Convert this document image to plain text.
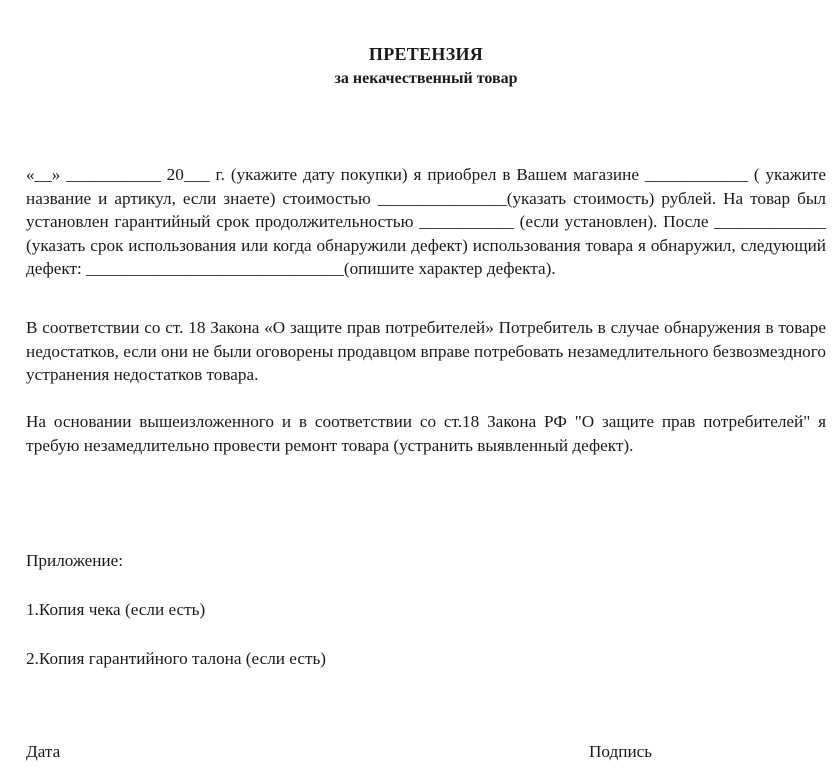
ПРЕТЕНЗИЯ

за некачественный товар

«__» ___________ 20___ г. (укажите дату покупки) я приобрел в Вашем магазине ____________ ( укажите название и артикул, если знаете) стоимостью _______________(указать стоимость) рублей. На товар был установлен гарантийный срок продолжительностью ___________ (если установлен). После _____________ (указать срок использования или когда обнаружили дефект) использования товара я обнаружил, следующий дефект: ______________________________(опишите характер дефекта).

В соответствии со ст. 18 Закона «О защите прав потребителей» Потребитель в случае обнаружения в товаре недостатков, если они не были оговорены продавцом вправе потребовать незамедлительного безвозмездного устранения недостатков товара.

На основании вышеизложенного и в соответствии со ст.18 Закона РФ "О защите прав потребителей" я требую незамедлительно провести ремонт товара (устранить выявленный дефект).

Приложение:

1.Копия чека (если есть)

2.Копия гарантийного талона (если есть)

Дата	Подпись
